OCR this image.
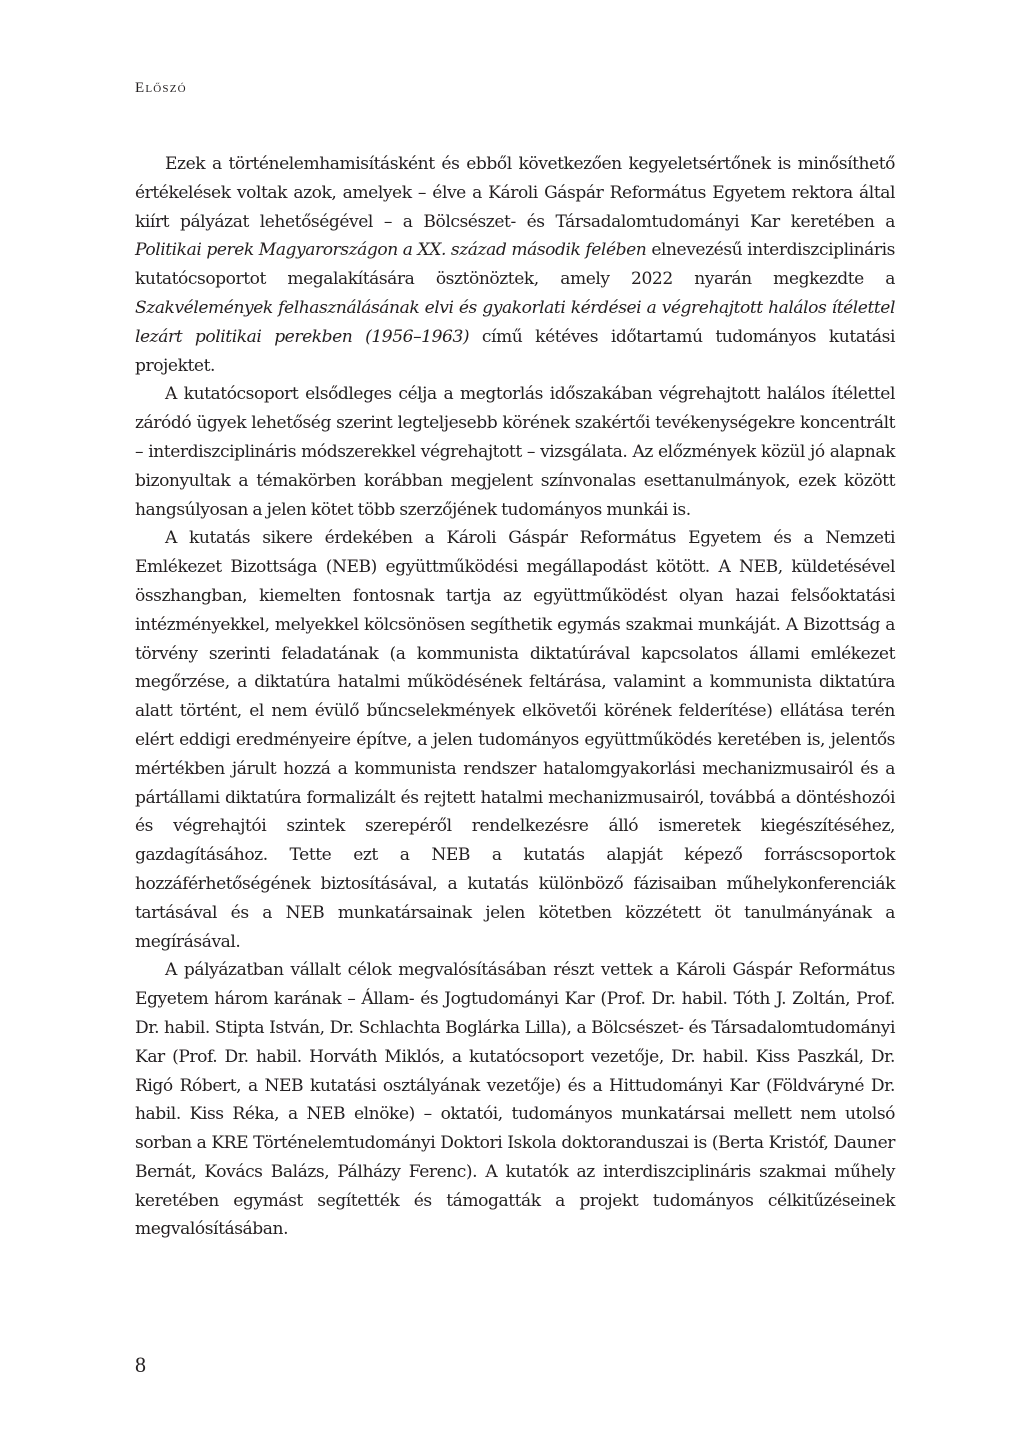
Előszó

Ezek a történelemhamisításként és ebből következően kegyeletsértőnek is minősíthető értékelések voltak azok, amelyek – élve a Károli Gáspár Református Egyetem rektora által kiírt pályázat lehetőségével – a Bölcsészet- és Társadalomtudományi Kar keretében a Politikai perek Magyarországon a XX. század második felében elnevezésű interdiszciplináris kutatócsoportot megalakítására ösztönöztek, amely 2022 nyarán megkezdte a Szakvélemények felhasználásának elvi és gyakorlati kérdései a végrehajtott halálos ítélettel lezárt politikai perekben (1956–1963) című kétéves időtartamú tudományos kutatási projektet.

A kutatócsoport elsődleges célja a megtorlás időszakában végrehajtott halálos ítélettel záródó ügyek lehetőség szerint legteljesebb körének szakértői tevékenységekre koncentrált – interdiszciplináris módszerekkel végrehajtott – vizsgálata. Az előzmények közül jó alapnak bizonyultak a témakörben korábban megjelent színvonalas esettanulmányok, ezek között hangsúlyosan a jelen kötet több szerzőjének tudományos munkái is.

A kutatás sikere érdekében a Károli Gáspár Református Egyetem és a Nemzeti Emlékezet Bizottsága (NEB) együttműködési megállapodást kötött. A NEB, küldetésével összhangban, kiemelten fontosnak tartja az együttműködést olyan hazai felsőoktatási intézményekkel, melyekkel kölcsönösen segíthetik egymás szakmai munkáját. A Bizottság a törvény szerinti feladatának (a kommunista diktatúrával kapcsolatos állami emlékezet megőrzése, a diktatúra hatalmi működésének feltárása, valamint a kommunista diktatúra alatt történt, el nem évülő bűncselekmények elkövetői körének felderítése) ellátása terén elért eddigi eredményeire építve, a jelen tudományos együttműködés keretében is, jelentős mértékben járult hozzá a kommunista rendszer hatalomgyakorlási mechanizmusairól és a pártállami diktatúra formalizált és rejtett hatalmi mechanizmusairól, továbbá a döntéshozói és végrehajtói szintek szerepéről rendelkezésre álló ismeretek kiegészítéséhez, gazdagításához. Tette ezt a NEB a kutatás alapját képező forráscsoportok hozzáférhetőségének biztosításával, a kutatás különböző fázisaiban műhelykonferenciák tartásával és a NEB munkatársainak jelen kötetben közzétett öt tanulmányának a megírásával.

A pályázatban vállalt célok megvalósításában részt vettek a Károli Gáspár Református Egyetem három karának – Állam- és Jogtudományi Kar (Prof. Dr. habil. Tóth J. Zoltán, Prof. Dr. habil. Stipta István, Dr. Schlachta Boglárka Lilla), a Bölcsészet- és Társadalomtudományi Kar (Prof. Dr. habil. Horváth Miklós, a kutatócsoport vezetője, Dr. habil. Kiss Paszkál, Dr. Rigó Róbert, a NEB kutatási osztályának vezetője) és a Hittudományi Kar (Földváryné Dr. habil. Kiss Réka, a NEB elnöke) – oktatói, tudományos munkatársai mellett nem utolsó sorban a KRE Történelemtudományi Doktori Iskola doktoranduszai is (Berta Kristóf, Dauner Bernát, Kovács Balázs, Pálházy Ferenc). A kutatók az interdiszciplináris szakmai műhely keretében egymást segítették és támogatták a projekt tudományos célkitűzéseinek megvalósításában.

8
